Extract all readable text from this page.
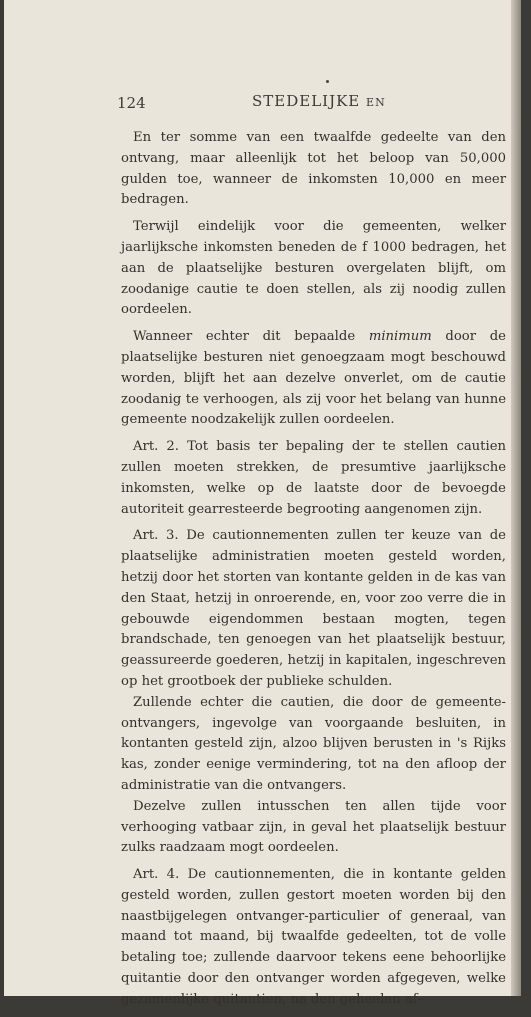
124	STEDELIJKE EN

En ter somme van een twaalfde gedeelte van den ontvang, maar alleenlijk tot het beloop van 50,000 gulden toe, wanneer de inkomsten 10,000 en meer bedragen.

Terwijl eindelijk voor die gemeenten, welker jaarlijksche inkomsten beneden de f 1000 bedragen, het aan de plaatselijke besturen overgelaten blijft, om zoodanige cautie te doen stellen, als zij noodig zullen oordeelen.

Wanneer echter dit bepaalde minimum door de plaatselijke besturen niet genoegzaam mogt beschouwd worden, blijft het aan dezelve onverlet, om de cautie zoodanig te verhoogen, als zij voor het belang van hunne gemeente noodzakelijk zullen oordeelen.

Art. 2. Tot basis ter bepaling der te stellen cautien zullen moeten strekken, de presumtive jaarlijksche inkomsten, welke op de laatste door de bevoegde autoriteit gearresteerde begrooting aangenomen zijn.

Art. 3. De cautionnementen zullen ter keuze van de plaatselijke administratien moeten gesteld worden, hetzij door het storten van kontante gelden in de kas van den Staat, hetzij in onroerende, en, voor zoo verre die in gebouwde eigendommen bestaan mogten, tegen brandschade, ten genoegen van het plaatselijk bestuur, geassureerde goederen, hetzij in kapitalen, ingeschreven op het grootboek der publieke schulden.

Zullende echter die cautien, die door de gemeente-ontvangers, ingevolge van voorgaande besluiten, in kontanten gesteld zijn, alzoo blijven berusten in 's Rijks kas, zonder eenige vermindering, tot na den afloop der administratie van die ontvangers.

Dezelve zullen intusschen ten allen tijde voor verhooging vatbaar zijn, in geval het plaatselijk bestuur zulks raadzaam mogt oordeelen.

Art. 4. De cautionnementen, die in kontante gelden gesteld worden, zullen gestort moeten worden bij den naastbijgelegen ontvanger-particulier of generaal, van maand tot maand, bij twaalfde gedeelten, tot de volle betaling toe; zullende daarvoor tekens eene behoorlijke quitantie door den ontvanger worden afgegeven, welke gezamenlijke quitantien, na den geheelen af-
